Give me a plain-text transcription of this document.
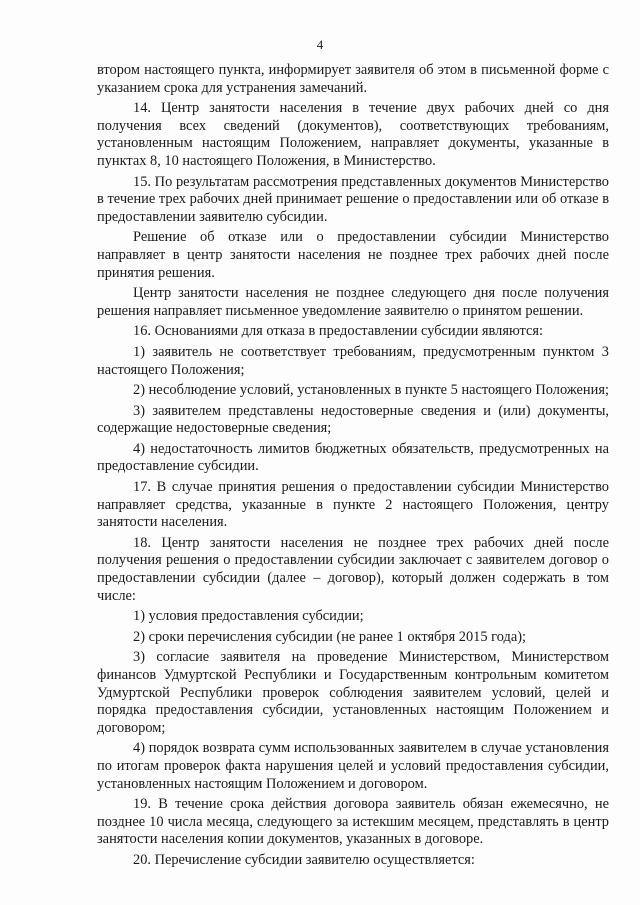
4

втором настоящего пункта, информирует заявителя об этом в письменной форме с указанием срока для устранения замечаний.

14. Центр занятости населения в течение двух рабочих дней со дня получения всех сведений (документов), соответствующих требованиям, установленным настоящим Положением, направляет документы, указанные в пунктах 8, 10 настоящего Положения, в Министерство.

15. По результатам рассмотрения представленных документов Министерство в течение трех рабочих дней принимает решение о предоставлении или об отказе в предоставлении заявителю субсидии.

Решение об отказе или о предоставлении субсидии Министерство направляет в центр занятости населения не позднее трех рабочих дней после принятия решения.

Центр занятости населения не позднее следующего дня после получения решения направляет письменное уведомление заявителю о принятом решении.

16. Основаниями для отказа в предоставлении субсидии являются:

1) заявитель не соответствует требованиям, предусмотренным пунктом 3 настоящего Положения;

2) несоблюдение условий, установленных в пункте 5 настоящего Положения;

3) заявителем представлены недостоверные сведения и (или) документы, содержащие недостоверные сведения;

4) недостаточность лимитов бюджетных обязательств, предусмотренных на предоставление субсидии.

17. В случае принятия решения о предоставлении субсидии Министерство направляет средства, указанные в пункте 2 настоящего Положения, центру занятости населения.

18. Центр занятости населения не позднее трех рабочих дней после получения решения о предоставлении субсидии заключает с заявителем договор о предоставлении субсидии (далее – договор), который должен содержать в том числе:

1) условия предоставления субсидии;

2) сроки перечисления субсидии (не ранее 1 октября 2015 года);

3) согласие заявителя на проведение Министерством, Министерством финансов Удмуртской Республики и Государственным контрольным комитетом Удмуртской Республики проверок соблюдения заявителем условий, целей и порядка предоставления субсидии, установленных настоящим Положением и договором;

4) порядок возврата сумм использованных заявителем в случае установления по итогам проверок факта нарушения целей и условий предоставления субсидии, установленных настоящим Положением и договором.

19. В течение срока действия договора заявитель обязан ежемесячно, не позднее 10 числа месяца, следующего за истекшим месяцем, представлять в центр занятости населения копии документов, указанных в договоре.

20. Перечисление субсидии заявителю осуществляется:
